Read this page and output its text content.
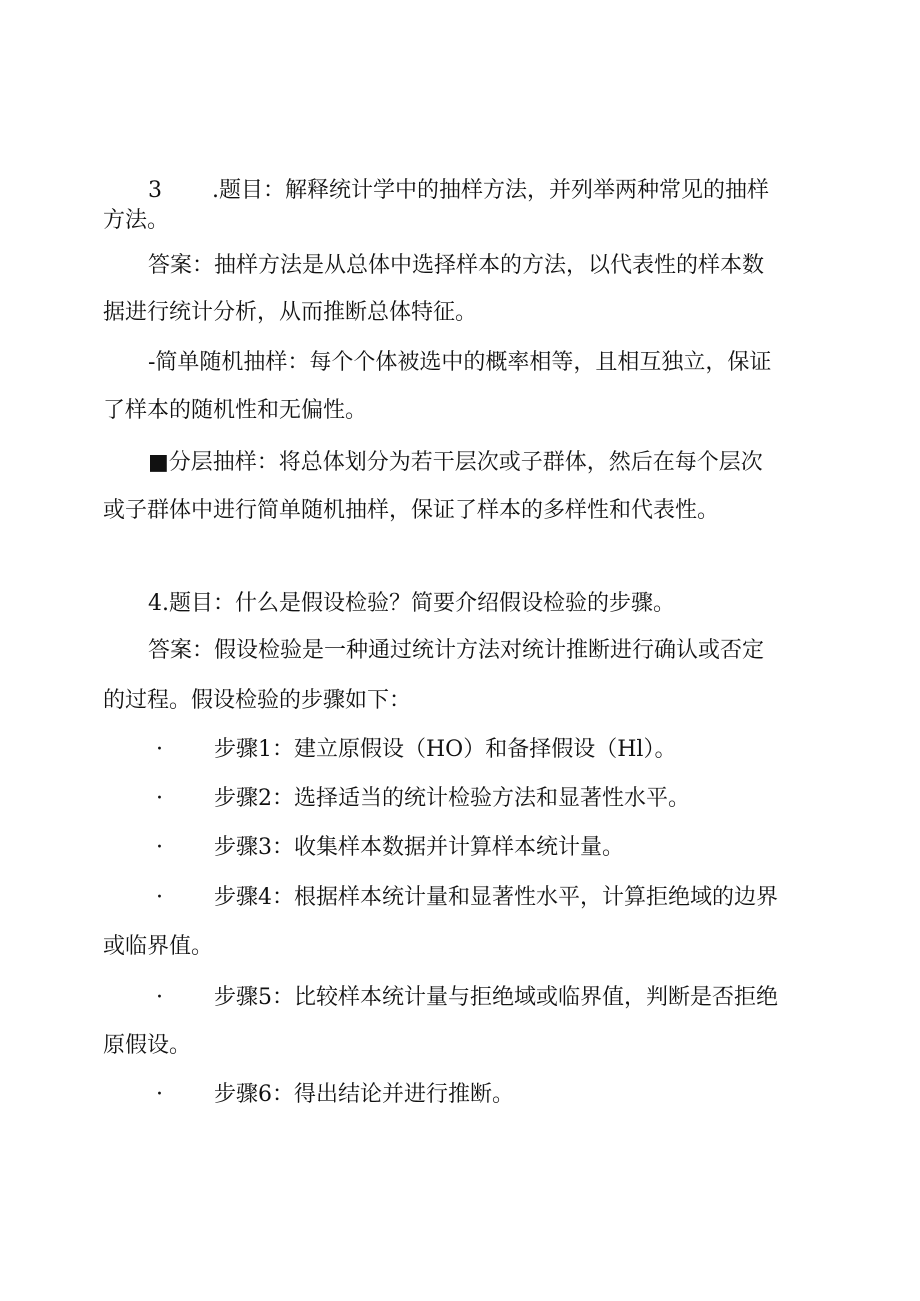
3 .题目：解释统计学中的抽样方法，并列举两种常见的抽样
方法。
答案：抽样方法是从总体中选择样本的方法，以代表性的样本数
据进行统计分析，从而推断总体特征。
-简单随机抽样：每个个体被选中的概率相等，且相互独立，保证
了样本的随机性和无偏性。
■分层抽样：将总体划分为若干层次或子群体，然后在每个层次
或子群体中进行简单随机抽样，保证了样本的多样性和代表性。
4.题目：什么是假设检验？简要介绍假设检验的步骤。
答案：假设检验是一种通过统计方法对统计推断进行确认或否定
的过程。假设检验的步骤如下：
· 步骤1：建立原假设（HO）和备择假设（Hl）。
· 步骤2：选择适当的统计检验方法和显著性水平。
· 步骤3：收集样本数据并计算样本统计量。
· 步骤4：根据样本统计量和显著性水平，计算拒绝域的边界
或临界值。
· 步骤5：比较样本统计量与拒绝域或临界值，判断是否拒绝
原假设。
· 步骤6：得出结论并进行推断。
